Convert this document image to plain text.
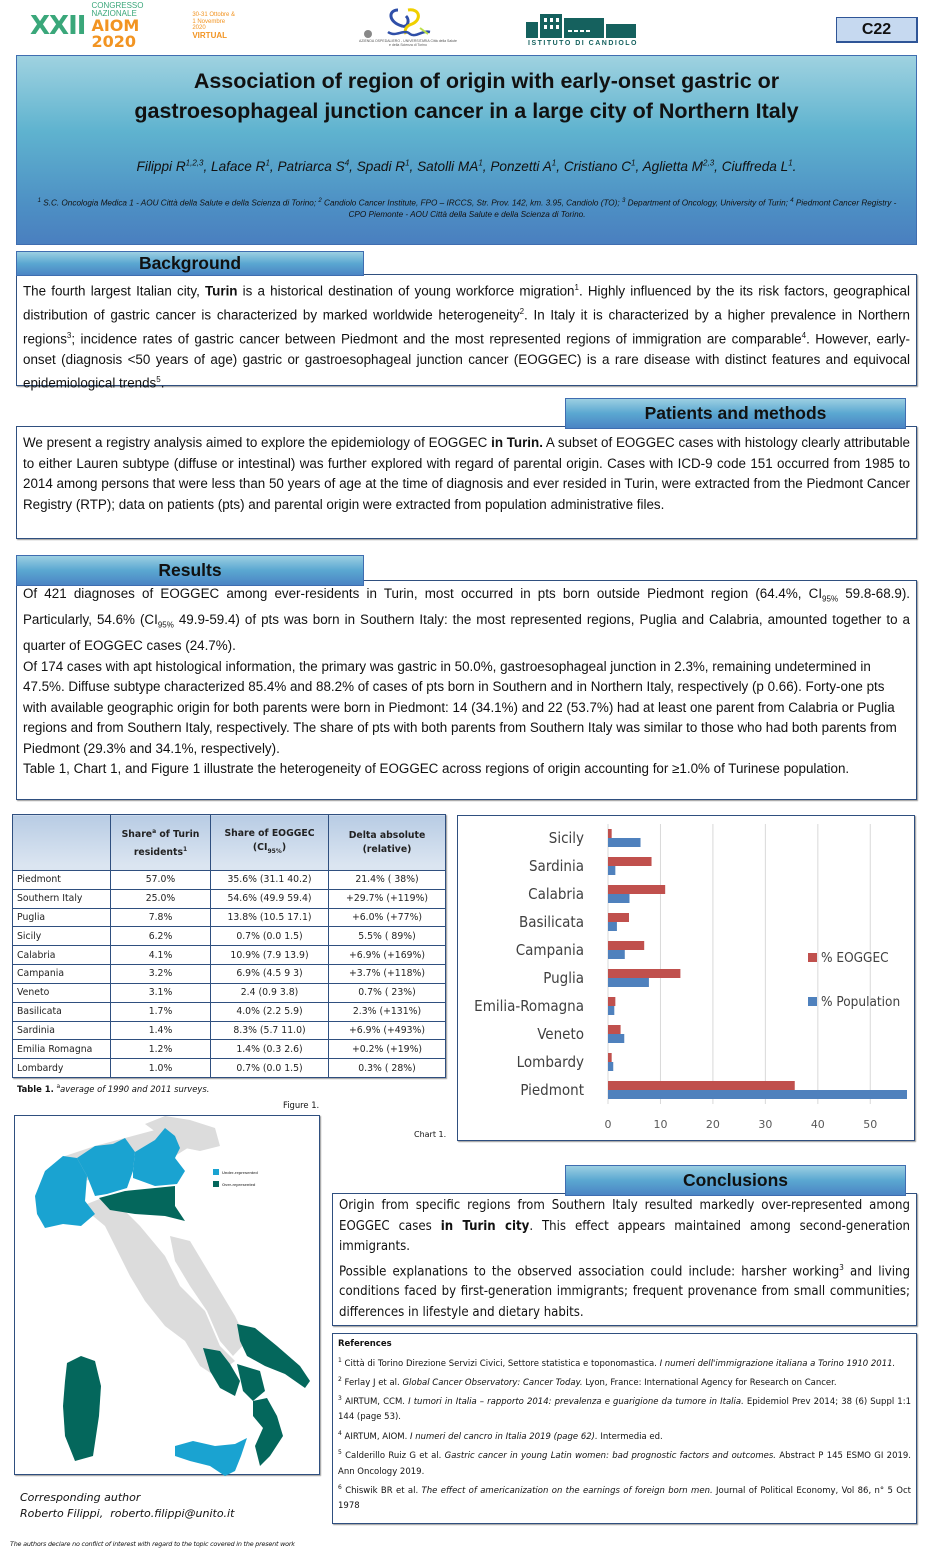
XXII
CONGRESSO NAZIONALE
AIOM 2020
30-31 Ottobre & 1 Novembre 2020
VIRTUAL
AZIENDA OSPEDALIERO - UNIVERSITARIA Città della Salute e della Scienza di Torino	ISTITUTO DI CANDIOLO
C22
Association of region of origin with early-onset gastric or
gastroesophageal junction cancer in a large city of Northern Italy
Filippi R$^{1,2,3}$, Laface $R^1$, Patriarca $S^4$, Spadi $R^1$, Satolli $MA^1$, Ponzetti $A^1$, Cristiano $C^1$, Aglietta M$^{2,3}$, Ciuffreda $L^1$.
$^1$ S.C. Oncologia Medica 1 - AOU Città della Salute e della Scienza di Torino; $^2$ Candiolo Cancer Institute, FPO – IRCCS, Str. Prov. 142, km. 3.95, Candiolo (TO); $^3$ Department of Oncology, University of Turin; $^4$ Piedmont Cancer Registry - CPO Piemonte - AOU Città della Salute e della Scienza di Torino.
Background

The fourth largest Italian city, Turin is a historical destination of young workforce migration$^1$. Highly influenced by the its risk factors, geographical distribution of gastric cancer is characterized by marked worldwide heterogeneity$^2$. In Italy it is characterized by a higher prevalence in Northern regions$^3$; incidence rates of gastric cancer between Piedmont and the most represented regions of immigration are comparable$^4$. However, early-onset (diagnosis <50 years of age) gastric or gastroesophageal junction cancer (EOGGEC) is a rare disease with distinct features and equivocal epidemiological trends$^5$.

Patients and methods

We present a registry analysis aimed to explore the epidemiology of EOGGEC in Turin. A subset of EOGGEC cases with histology clearly attributable to either Lauren subtype (diffuse or intestinal) was further explored with regard of parental origin. Cases with ICD-9 code 151 occurred from 1985 to 2014 among persons that were less than 50 years of age at the time of diagnosis and ever resided in Turin, were extracted from the Piedmont Cancer Registry (RTP); data on patients (pts) and parental origin were extracted from population administrative files.

Results

Of 421 diagnoses of EOGGEC among ever-residents in Turin, most occurred in pts born outside Piedmont region (64.4%, $CI_{95\%}$ 59.8-68.9). Particularly, 54.6% ($CI_{95\%}$ 49.9-59.4) of pts was born in Southern Italy: the most represented regions, Puglia and Calabria, amounted together to a quarter of EOGGEC cases (24.7%).

Of 174 cases with apt histological information, the primary was gastric in 50.0%, gastroesophageal junction in 2.3%, remaining undetermined in 47.5%. Diffuse subtype characterized 85.4% and 88.2% of cases of pts born in Southern and in Northern Italy, respectively (p 0.66). Forty-one pts with available geographic origin for both parents were born in Piedmont: 14 (34.1%) and 22 (53.7%) had at least one parent from Calabria or Puglia regions and from Southern Italy, respectively. The share of pts with both parents from Southern Italy was similar to those who had both parents from Piedmont (29.3% and 34.1%, respectively).

Table 1, Chart 1, and Figure 1 illustrate the heterogeneity of EOGGEC across regions of origin accounting for ≥1.0% of Turinese population.

	Share$^a$ of Turin residents$^1$	Share of EOGGEC $(CI_{95\%})$	Delta absolute (relative)
Piedmont	57.0%	35.6% (31.1 40.2)	21.4% ( 38%)
Southern Italy	25.0%	54.6% (49.9 59.4)	+29.7% (+119%)
Puglia	7.8%	13.8% (10.5 17.1)	+6.0% (+77%)
Sicily	6.2%	0.7% (0.0 1.5)	5.5% ( 89%)
Calabria	4.1%	10.9% (7.9 13.9)	+6.9% (+169%)
Campania	3.2%	6.9% (4.5 9 3)	+3.7% (+118%)
Veneto	3.1%	2.4 (0.9 3.8)	0.7% ( 23%)
Basilicata	1.7%	4.0% (2.2 5.9)	2.3% (+131%)
Sardinia	1.4%	8.3% (5.7 11.0)	+6.9% (+493%)
Emilia Romagna	1.2%	1.4% (0.3 2.6)	+0.2% (+19%)
Lombardy	1.0%	0.7% (0.0 1.5)	0.3% ( 28%)
Table 1. $^a$average of 1990 and 2011 surveys.
0	10	20	30	40	50
Piedmont
Lombardy
Veneto
Emilia-Romagna
Puglia
Campania
Basilicata
Calabria
Sardinia
Sicily
% EOGGEC
% Population
Chart 1.
Figure 1.
Under-represented
Over-represented	Conclusions

Origin from specific regions from Southern Italy resulted markedly over-represented among EOGGEC cases in Turin city. This effect appears maintained among second-generation immigrants.

Possible explanations to the observed association could include: harsher working$^3$ and living conditions faced by first-generation immigrants; frequent provenance from small communities; differences in lifestyle and dietary habits.

References
$^1$ Città di Torino Direzione Servizi Civici, Settore statistica e toponomastica. I numeri dell'immigrazione italiana a Torino 1910 2011.
$^2$ Ferlay J et al. Global Cancer Observatory: Cancer Today. Lyon, France: International Agency for Research on Cancer.
$^3$ AIRTUM, CCM. I tumori in Italia – rapporto 2014: prevalenza e guarigione da tumore in Italia. Epidemiol Prev 2014; 38 (6) Suppl 1:1 144 (page 53).
$^4$ AIRTUM, AIOM. I numeri del cancro in Italia 2019 (page 62). Intermedia ed.
$^5$ Calderillo Ruiz G et al. Gastric cancer in young Latin women: bad prognostic factors and outcomes. Abstract P 145 ESMO GI 2019. Ann Oncology 2019.
$^6$ Chiswik BR et al. The effect of americanization on the earnings of foreign born men. Journal of Political Economy, Vol 86, n° 5 Oct 1978
Corresponding author
Roberto Filippi, roberto.filippi@unito.it
The authors declare no conflict of interest with regard to the topic covered in the present work
